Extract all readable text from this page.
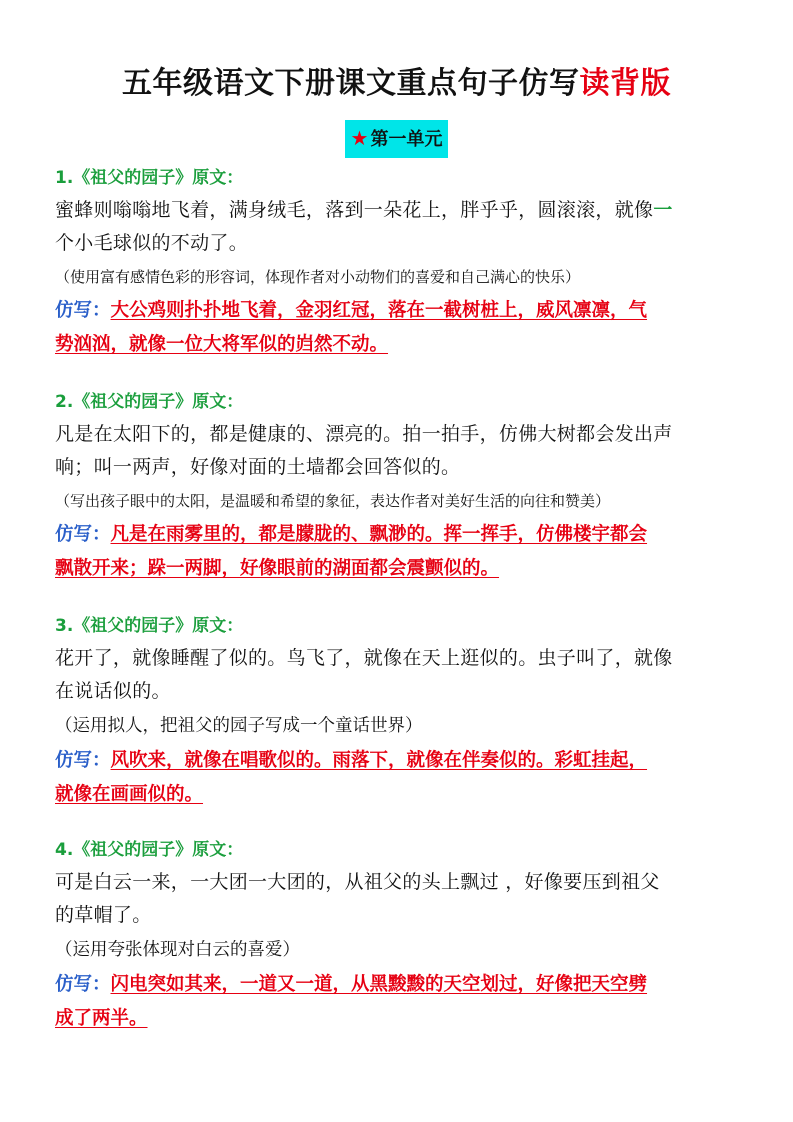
五年级语文下册课文重点句子仿写读背版
★ 第一单元
1.《祖父的园子》原文：
蜜蜂则嗡嗡地飞着，满身绒毛，落到一朵花上，胖乎乎，圆滚滚，就像一
个小毛球似的不动了。
（使用富有感情色彩的形容词，体现作者对小动物们的喜爱和自己满心的快乐）
仿写：大公鸡则扑扑地飞着，金羽红冠，落在一截树桩上，威风凛凛，气
势汹汹，就像一位大将军似的岿然不动。
2.《祖父的园子》原文：
凡是在太阳下的，都是健康的、漂亮的。拍一拍手，仿佛大树都会发出声
响；叫一两声，好像对面的土墙都会回答似的。
（写出孩子眼中的太阳，是温暖和希望的象征，表达作者对美好生活的向往和赞美）
仿写：凡是在雨雾里的，都是朦胧的、飘渺的。挥一挥手，仿佛楼宇都会
飘散开来；跺一两脚，好像眼前的湖面都会震颤似的。
3.《祖父的园子》原文：
花开了，就像睡醒了似的。鸟飞了，就像在天上逛似的。虫子叫了，就像
在说话似的。
（运用拟人，把祖父的园子写成一个童话世界）
仿写：风吹来，就像在唱歌似的。雨落下，就像在伴奏似的。彩虹挂起，
就像在画画似的。
4.《祖父的园子》原文：
可是白云一来，一大团一大团的，从祖父的头上飘过 ，好像要压到祖父
的草帽了。
（运用夸张体现对白云的喜爱）
仿写：闪电突如其来，一道又一道，从黑黢黢的天空划过，好像把天空劈
成了两半。
